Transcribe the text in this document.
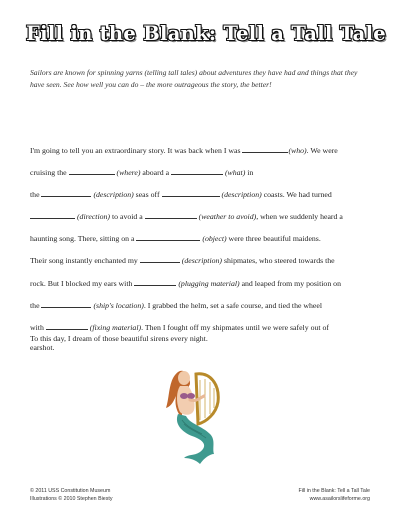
Fill in the Blank: Tell a Tall Tale
Sailors are known for spinning yarns (telling tall tales) about adventures they have had and things that they have seen. See how well you can do – the more outrageous the story, the better!
I'm going to tell you an extraordinary story. It was back when I was	(who). We were
cruising the	(where) aboard a	(what) in
the	(description) seas off	(description) coasts. We had turned
(direction) to avoid a	(weather to avoid), when we suddenly heard a
haunting song. There, sitting on a	(object) were three beautiful maidens.
Their song instantly enchanted my	(description) shipmates, who steered towards the
rock. But I blocked my ears with	(plugging material) and leaped from my position on
the	(ship's location). I grabbed the helm, set a safe course, and tied the wheel
with	(fixing material). Then I fought off my shipmates until we were safely out of
earshot.
To this day, I dream of those beautiful sirens every night.
© 2011 USS Constitution Museum
Illustrations © 2010 Stephen Biesty
Fill in the Blank: Tell a Tall Tale
www.asailorslifeforme.org
